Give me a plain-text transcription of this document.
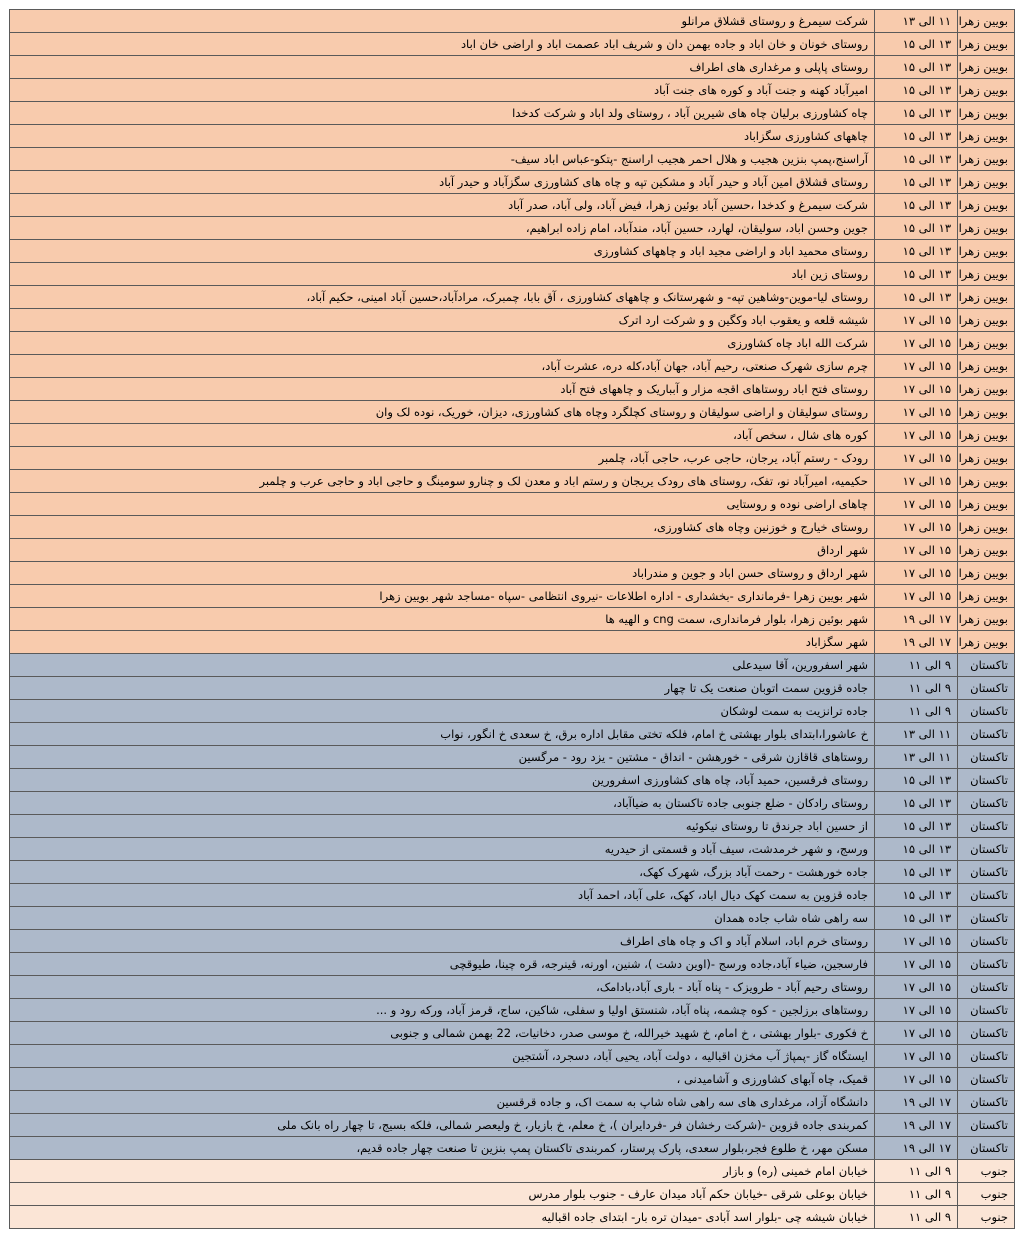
بویین زهرا	۱۱ الی ۱۳	شرکت سیمرغ و روستای قشلاق مرانلو
بویین زهرا	۱۳ الی ۱۵	روستای خونان و خان اباد و جاده بهمن دان و شریف اباد عصمت اباد و اراضی خان اباد
بویین زهرا	۱۳ الی ۱۵	روستای پاپلی و مرغداری های اطراف
بویین زهرا	۱۳ الی ۱۵	امیرآباد کهنه و جنت آباد و کوره های جنت آباد
بویین زهرا	۱۳ الی ۱۵	چاه کشاورزی برلیان چاه های شیرین آباد ، روستای ولد اباد و شرکت کدخدا
بویین زهرا	۱۳ الی ۱۵	چاههای کشاورزی سگزاباد
بویین زهرا	۱۳ الی ۱۵	آراسنج،پمپ بنزین هجیب و هلال احمر هجیب اراسنج -پتکو-عباس اباد سیف-
بویین زهرا	۱۳ الی ۱۵	روستای قشلاق امین آباد و حیدر آباد و مشکین تپه و چاه های کشاورزی سگزآباد و حیدر آباد
بویین زهرا	۱۳ الی ۱۵	شرکت سیمرغ و کدخدا ،حسین آباد بوئین زهرا، فیض آباد، ولی آباد، صدر آباد
بویین زهرا	۱۳ الی ۱۵	جوین وحسن اباد، سولیقان، لهارد، حسین آباد، مندآباد، امام زاده ابراهیم،
بویین زهرا	۱۳ الی ۱۵	روستای محمید اباد و اراضی مجید اباد و چاههای کشاورزی
بویین زهرا	۱۳ الی ۱۵	روستای زین اباد
بویین زهرا	۱۳ الی ۱۵	روستای لیا-موین-وشاهین تپه- و شهرستانک و چاههای کشاورزی ، آق بابا، چمبرک، مرادآباد،حسین آباد امینی، حکیم آباد،
بویین زهرا	۱۵ الی ۱۷	شیشه قلعه و یعقوب اباد وکگین و و شرکت ارد اترک
بویین زهرا	۱۵ الی ۱۷	شرکت الله اباد چاه کشاورزی
بویین زهرا	۱۵ الی ۱۷	چرم سازی شهرک صنعتی، رحیم آباد، جهان آباد،کله دره، عشرت آباد،
بویین زهرا	۱۵ الی ۱۷	روستای فتح اباد روستاهای اقجه مزار و آبباریک و چاههای فتح آباد
بویین زهرا	۱۵ الی ۱۷	روستای سولیقان و اراضی سولیقان و روستای کچلگرد وچاه های کشاورزی، دیزان، خوریک، نوده لک وان
بویین زهرا	۱۵ الی ۱۷	کوره های شال ، سخص آباد،
بویین زهرا	۱۵ الی ۱۷	رودک - رستم آباد، یرجان، حاجی عرب، حاجی آباد، چلمبر
بویین زهرا	۱۵ الی ۱۷	حکیمیه، امیرآباد نو، تفک، روستای های رودک یریجان و رستم اباد و معدن لک و چنارو سومینگ و حاجی اباد و حاجی عرب و چلمبر
بویین زهرا	۱۵ الی ۱۷	چاهای اراضی نوده و روستایی
بویین زهرا	۱۵ الی ۱۷	روستای خیارج و خوزنین وچاه های کشاورزی،
بویین زهرا	۱۵ الی ۱۷	شهر ارداق
بویین زهرا	۱۵ الی ۱۷	شهر ارداق و روستای حسن اباد و جوین و مندراباد
بویین زهرا	۱۵ الی ۱۷	شهر بویین زهرا -فرمانداری -بخشداری - اداره اطلاعات -نیروی انتظامی -سپاه -مساجد شهر بویین زهرا
بویین زهرا	۱۷ الی ۱۹	شهر بوئین زهرا، بلوار فرمانداری، سمت cng و الهیه ها
بویین زهرا	۱۷ الی ۱۹	شهر سگزاباد
تاکستان	۹ الی ۱۱	شهر اسفرورین، آقا سیدعلی
تاکستان	۹ الی ۱۱	جاده قزوین سمت اتوبان صنعت یک تا چهار
تاکستان	۹ الی ۱۱	جاده ترانزیت به سمت لوشکان
تاکستان	۱۱ الی ۱۳	خ عاشورا،ابتدای بلوار بهشتی خ امام، فلکه تختی مقابل اداره برق، خ سعدی خ انگور، نواب
تاکستان	۱۱ الی ۱۳	روستاهای قاقازن شرقی - خورهشن - انداق - مشتین - یزد رود - مرگسین
تاکستان	۱۳ الی ۱۵	روستای فرقسین، حمید آباد، چاه های کشاورزی اسفرورین
تاکستان	۱۳ الی ۱۵	روستای رادکان - ضلع جنوبی جاده تاکستان به ضیاآباد،
تاکستان	۱۳ الی ۱۵	از حسین اباد جرندق تا روستای نیکوئیه
تاکستان	۱۳ الی ۱۵	ورسج، و شهر خرمدشت، سیف آباد و قسمتی از حیدریه
تاکستان	۱۳ الی ۱۵	جاده خورهشت - رحمت آباد بزرگ، شهرک کهک،
تاکستان	۱۳ الی ۱۵	جاده قزوین به سمت کهک دیال اباد، کهک، علی آباد، احمد آباد
تاکستان	۱۳ الی ۱۵	سه راهی شاه شاب جاده همدان
تاکستان	۱۵ الی ۱۷	روستای خرم اباد، اسلام آباد و اک و چاه های اطراف
تاکستان	۱۵ الی ۱۷	فارسجین، ضیاء آباد،جاده ورسج -(اوین دشت )، شنین، اورنه، قینرجه، قره چینا، طیوقچی
تاکستان	۱۵ الی ۱۷	روستای رحیم آباد - طرویزک - پناه آباد - باری آباد،بادامک،
تاکستان	۱۵ الی ۱۷	روستاهای برزلجین - کوه چشمه، پناه آباد، شنستق اولیا و سفلی، شاکین، ساج، قرمز آباد، ورکه رود و ...
تاکستان	۱۵ الی ۱۷	خ فکوری -بلوار بهشتی ، خ امام، خ شهید خیرالله، خ موسی صدر، دخانیات، 22 بهمن شمالی و جنوبی
تاکستان	۱۵ الی ۱۷	ایستگاه گاز -پمپاژ آب مخزن اقبالیه ، دولت آباد، یحیی آباد، دسجرد، آشتجین
تاکستان	۱۵ الی ۱۷	قمیک، چاه آبهای کشاورزی و آشامیدنی ،
تاکستان	۱۷ الی ۱۹	دانشگاه آزاد، مرغداری های سه راهی شاه شاپ به سمت اک، و جاده قرقسین
تاکستان	۱۷ الی ۱۹	کمربندی جاده قزوین -(شرکت رخشان فر -فردایران )، خ معلم، خ بازیار، خ ولیعصر شمالی، فلکه بسیج، تا چهار راه بانک ملی
تاکستان	۱۷ الی ۱۹	مسکن مهر، خ طلوع فجر،بلوار سعدی، پارک پرستار، کمربندی تاکستان پمپ بنزین تا صنعت چهار جاده قدیم،
جنوب	۹ الی ۱۱	خیابان امام خمینی (ره) و بازار
جنوب	۹ الی ۱۱	خیابان بوعلی شرقی -خیابان حکم آباد میدان عارف - جنوب بلوار مدرس
جنوب	۹ الی ۱۱	خیابان شیشه چی -بلوار اسد آبادی -میدان تره بار- ابتدای جاده اقبالیه
